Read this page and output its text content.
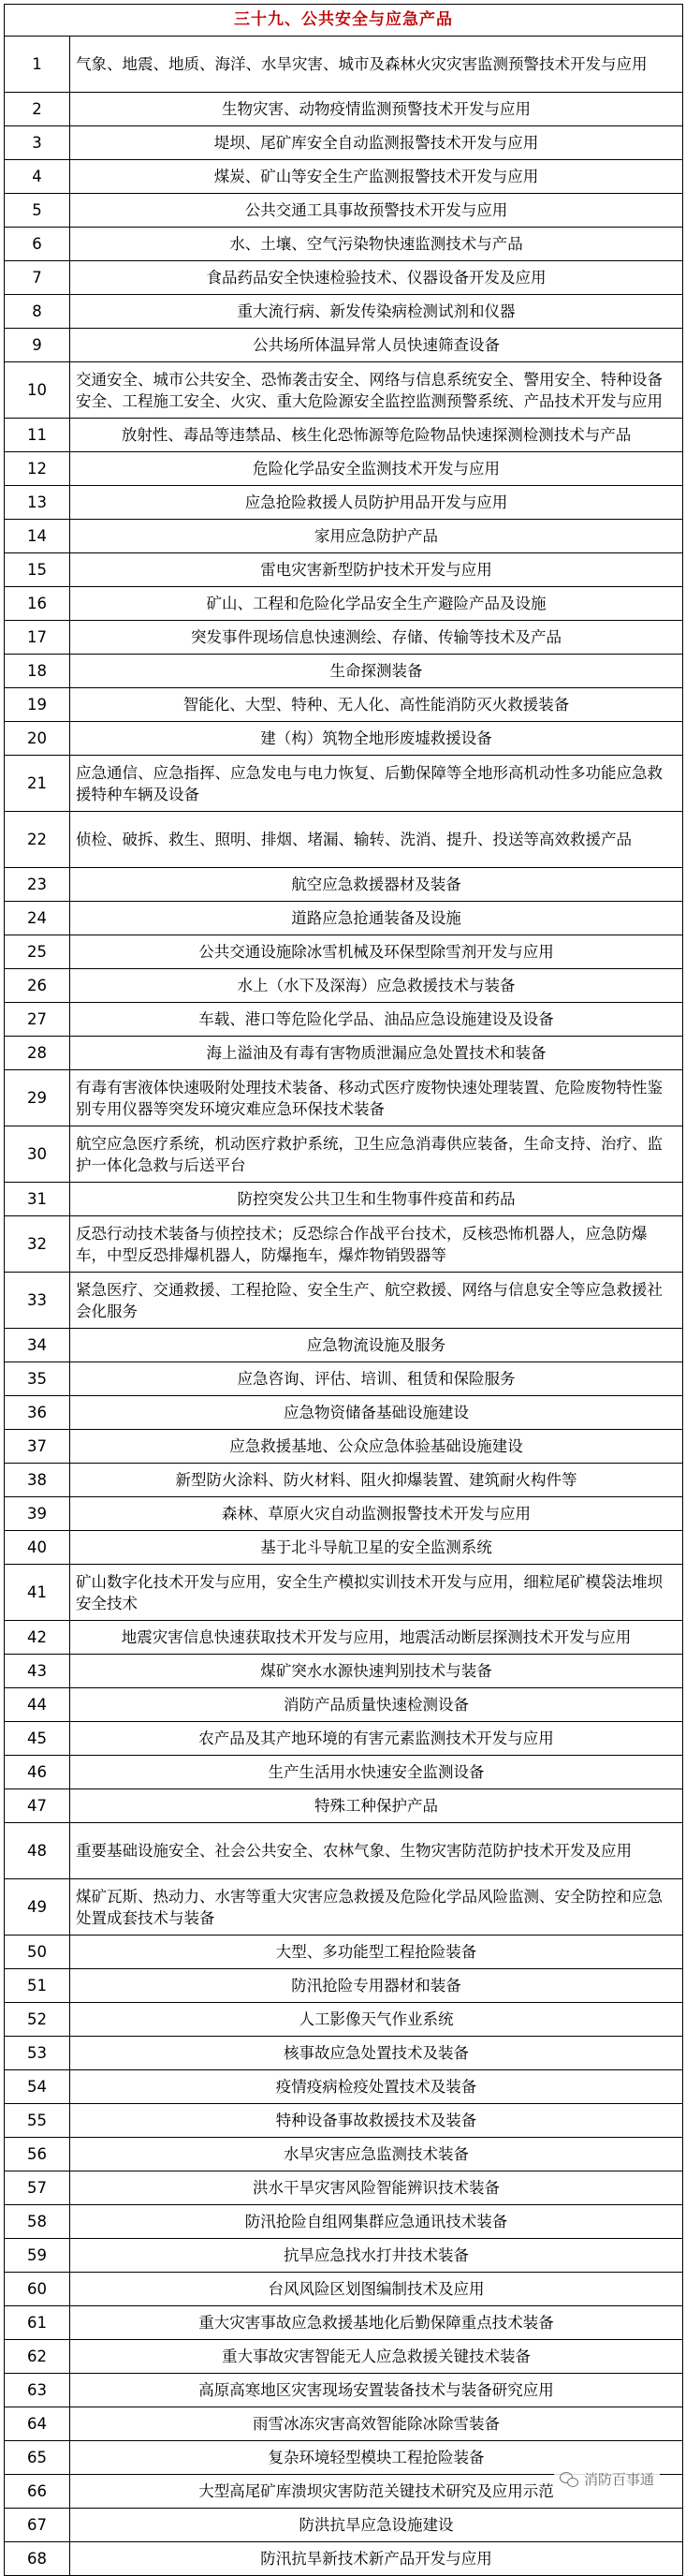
三十九、公共安全与应急产品	
1	气象、地震、地质、海洋、水旱灾害、城市及森林火灾灾害监测预警技术开发与应用
2	生物灾害、动物疫情监测预警技术开发与应用
3	堤坝、尾矿库安全自动监测报警技术开发与应用
4	煤炭、矿山等安全生产监测报警技术开发与应用
5	公共交通工具事故预警技术开发与应用
6	水、土壤、空气污染物快速监测技术与产品
7	食品药品安全快速检验技术、仪器设备开发及应用
8	重大流行病、新发传染病检测试剂和仪器
9	公共场所体温异常人员快速筛查设备
10	交通安全、城市公共安全、恐怖袭击安全、网络与信息系统安全、警用安全、特种设备安全、工程施工安全、火灾、重大危险源安全监控监测预警系统、产品技术开发与应用
11	放射性、毒品等违禁品、核生化恐怖源等危险物品快速探测检测技术与产品
12	危险化学品安全监测技术开发与应用
13	应急抢险救援人员防护用品开发与应用
14	家用应急防护产品
15	雷电灾害新型防护技术开发与应用
16	矿山、工程和危险化学品安全生产避险产品及设施
17	突发事件现场信息快速测绘、存储、传输等技术及产品
18	生命探测装备
19	智能化、大型、特种、无人化、高性能消防灭火救援装备
20	建（构）筑物全地形废墟救援设备
21	应急通信、应急指挥、应急发电与电力恢复、后勤保障等全地形高机动性多功能应急救援特种车辆及设备
22	侦检、破拆、救生、照明、排烟、堵漏、输转、洗消、提升、投送等高效救援产品
23	航空应急救援器材及装备
24	道路应急抢通装备及设施
25	公共交通设施除冰雪机械及环保型除雪剂开发与应用
26	水上（水下及深海）应急救援技术与装备
27	车载、港口等危险化学品、油品应急设施建设及设备
28	海上溢油及有毒有害物质泄漏应急处置技术和装备
29	有毒有害液体快速吸附处理技术装备、移动式医疗废物快速处理装置、危险废物特性鉴别专用仪器等突发环境灾难应急环保技术装备
30	航空应急医疗系统，机动医疗救护系统，卫生应急消毒供应装备，生命支持、治疗、监护一体化急救与后送平台
31	防控突发公共卫生和生物事件疫苗和药品
32	反恐行动技术装备与侦控技术；反恐综合作战平台技术，反核恐怖机器人，应急防爆车，中型反恐排爆机器人，防爆拖车，爆炸物销毁器等
33	紧急医疗、交通救援、工程抢险、安全生产、航空救援、网络与信息安全等应急救援社会化服务
34	应急物流设施及服务
35	应急咨询、评估、培训、租赁和保险服务
36	应急物资储备基础设施建设
37	应急救援基地、公众应急体验基础设施建设
38	新型防火涂料、防火材料、阻火抑爆装置、建筑耐火构件等
39	森林、草原火灾自动监测报警技术开发与应用
40	基于北斗导航卫星的安全监测系统
41	矿山数字化技术开发与应用，安全生产模拟实训技术开发与应用，细粒尾矿模袋法堆坝安全技术
42	地震灾害信息快速获取技术开发与应用，地震活动断层探测技术开发与应用
43	煤矿突水水源快速判别技术与装备
44	消防产品质量快速检测设备
45	农产品及其产地环境的有害元素监测技术开发与应用
46	生产生活用水快速安全监测设备
47	特殊工种保护产品
48	重要基础设施安全、社会公共安全、农林气象、生物灾害防范防护技术开发及应用
49	煤矿瓦斯、热动力、水害等重大灾害应急救援及危险化学品风险监测、安全防控和应急处置成套技术与装备
50	大型、多功能型工程抢险装备
51	防汛抢险专用器材和装备
52	人工影像天气作业系统
53	核事故应急处置技术及装备
54	疫情疫病检疫处置技术及装备
55	特种设备事故救援技术及装备
56	水旱灾害应急监测技术装备
57	洪水干旱灾害风险智能辨识技术装备
58	防汛抢险自组网集群应急通讯技术装备
59	抗旱应急找水打井技术装备
60	台风风险区划图编制技术及应用
61	重大灾害事故应急救援基地化后勤保障重点技术装备
62	重大事故灾害智能无人应急救援关键技术装备
63	高原高寒地区灾害现场安置装备技术与装备研究应用
64	雨雪冰冻灾害高效智能除冰除雪装备
65	复杂环境轻型模块工程抢险装备
66	大型高尾矿库溃坝灾害防范关键技术研究及应用示范
67	防洪抗旱应急设施建设
68	防汛抗旱新技术新产品开发与应用
消防百事通
